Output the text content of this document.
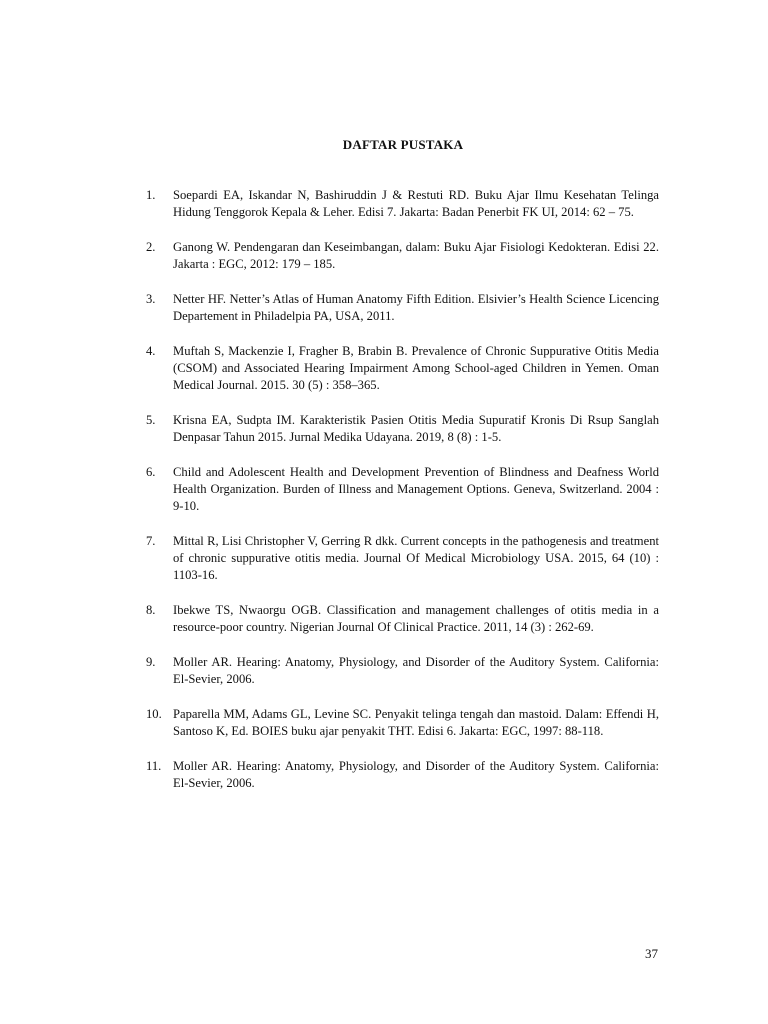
DAFTAR PUSTAKA
1. Soepardi EA, Iskandar N, Bashiruddin J & Restuti RD. Buku Ajar Ilmu Kesehatan Telinga Hidung Tenggorok Kepala & Leher. Edisi 7. Jakarta: Badan Penerbit FK UI, 2014: 62 – 75.
2. Ganong W. Pendengaran dan Keseimbangan, dalam: Buku Ajar Fisiologi Kedokteran. Edisi 22. Jakarta : EGC, 2012: 179 – 185.
3. Netter HF. Netter’s Atlas of Human Anatomy Fifth Edition. Elsivier’s Health Science Licencing Departement in Philadelpia PA, USA, 2011.
4. Muftah S, Mackenzie I, Fragher B, Brabin B. Prevalence of Chronic Suppurative Otitis Media (CSOM) and Associated Hearing Impairment Among School-aged Children in Yemen. Oman Medical Journal. 2015. 30 (5) : 358–365.
5. Krisna EA, Sudpta IM. Karakteristik Pasien Otitis Media Supuratif Kronis Di Rsup Sanglah Denpasar Tahun 2015. Jurnal Medika Udayana. 2019, 8 (8) : 1-5.
6. Child and Adolescent Health and Development Prevention of Blindness and Deafness World Health Organization. Burden of Illness and Management Options. Geneva, Switzerland. 2004 : 9-10.
7. Mittal R, Lisi Christopher V, Gerring R dkk. Current concepts in the pathogenesis and treatment of chronic suppurative otitis media. Journal Of Medical Microbiology USA. 2015, 64 (10) : 1103-16.
8. Ibekwe TS, Nwaorgu OGB. Classification and management challenges of otitis media in a resource-poor country. Nigerian Journal Of Clinical Practice. 2011, 14 (3) : 262-69.
9. Moller AR. Hearing: Anatomy, Physiology, and Disorder of the Auditory System. California: El-Sevier, 2006.
10. Paparella MM, Adams GL, Levine SC. Penyakit telinga tengah dan mastoid. Dalam: Effendi H, Santoso K, Ed. BOIES buku ajar penyakit THT. Edisi 6. Jakarta: EGC, 1997: 88-118.
11. Moller AR. Hearing: Anatomy, Physiology, and Disorder of the Auditory System. California: El-Sevier, 2006.
37
